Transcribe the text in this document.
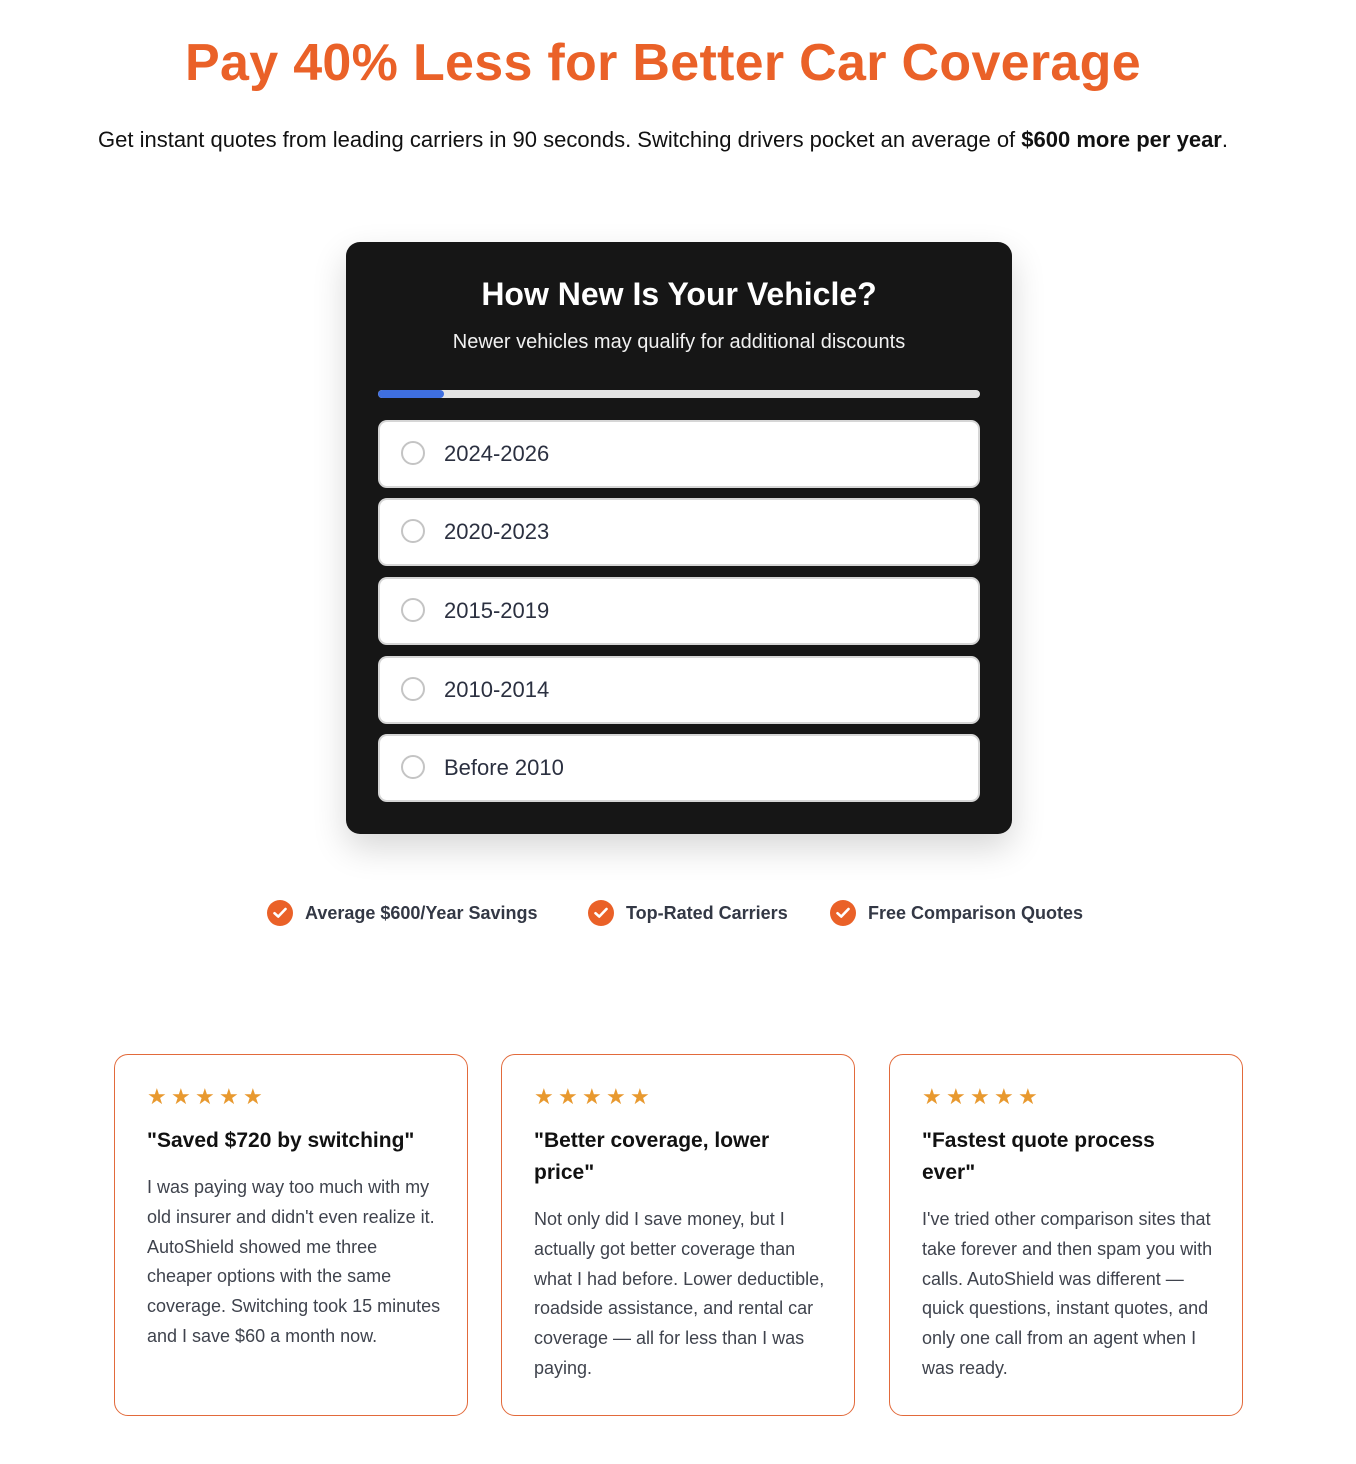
Pay 40% Less for Better Car Coverage

Get instant quotes from leading carriers in 90 seconds. Switching drivers pocket an average of $600 more per year.

How New Is Your Vehicle?

Newer vehicles may qualify for additional discounts

2024-2026
2020-2023
2015-2019
2010-2014
Before 2010
Average $600/Year Savings	Top-Rated Carriers	Free Comparison Quotes
★ ★ ★ ★ ★
"Saved $720 by switching"

I was paying way too much with my old insurer and didn't even realize it. AutoShield showed me three cheaper options with the same coverage. Switching took 15 minutes and I save $60 a month now.

★ ★ ★ ★ ★
"Better coverage, lower price"

Not only did I save money, but I actually got better coverage than what I had before. Lower deductible, roadside assistance, and rental car coverage — all for less than I was paying.

★ ★ ★ ★ ★
"Fastest quote process ever"

I've tried other comparison sites that take forever and then spam you with calls. AutoShield was different — quick questions, instant quotes, and only one call from an agent when I was ready.
